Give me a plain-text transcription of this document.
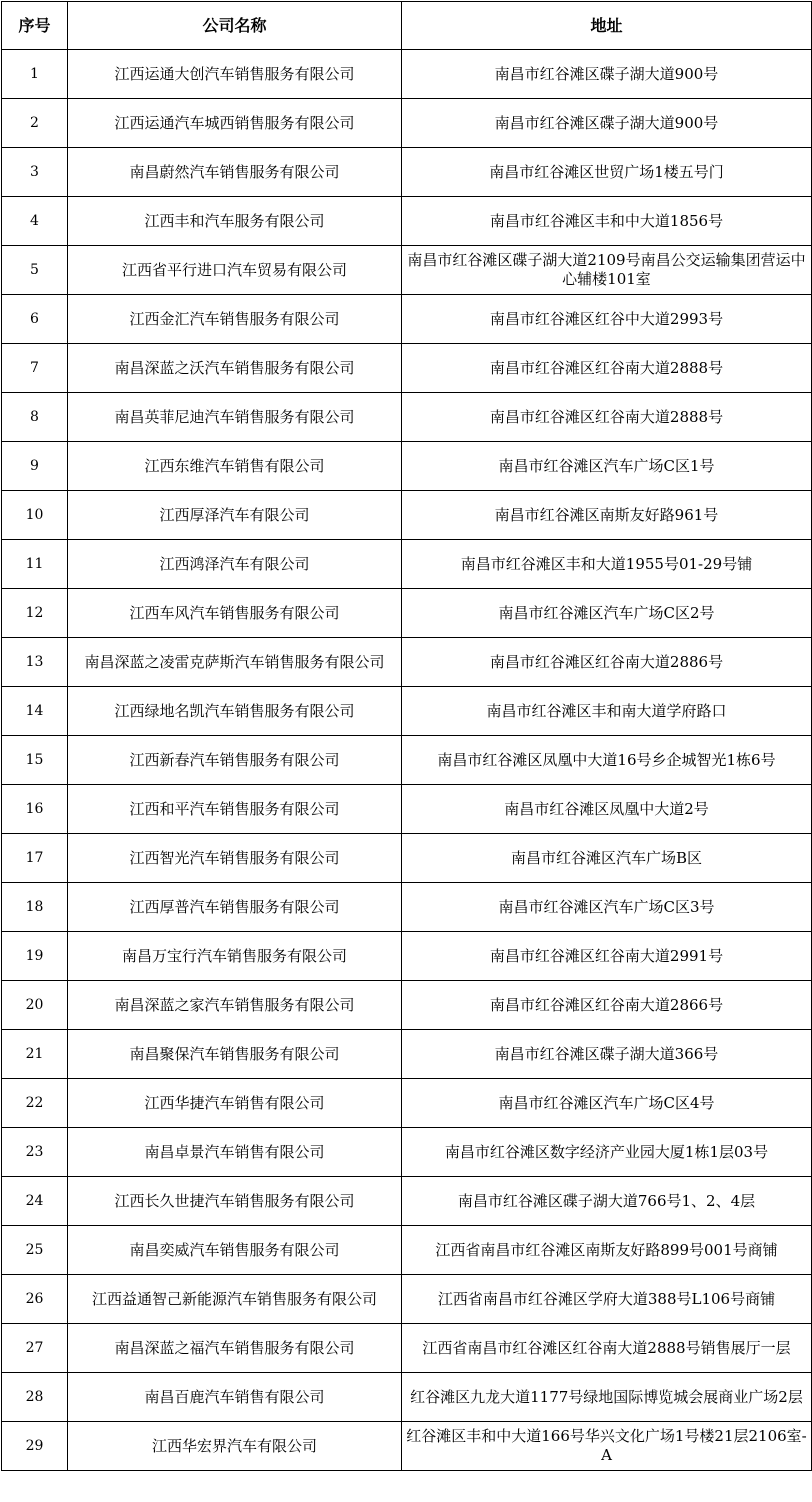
序号	公司名称	地址
1	江西运通大创汽车销售服务有限公司	南昌市红谷滩区碟子湖大道900号
2	江西运通汽车城西销售服务有限公司	南昌市红谷滩区碟子湖大道900号
3	南昌蔚然汽车销售服务有限公司	南昌市红谷滩区世贸广场1楼五号门
4	江西丰和汽车服务有限公司	南昌市红谷滩区丰和中大道1856号
5	江西省平行进口汽车贸易有限公司	南昌市红谷滩区碟子湖大道2109号南昌公交运输集团营运中心辅楼101室
6	江西金汇汽车销售服务有限公司	南昌市红谷滩区红谷中大道2993号
7	南昌深蓝之沃汽车销售服务有限公司	南昌市红谷滩区红谷南大道2888号
8	南昌英菲尼迪汽车销售服务有限公司	南昌市红谷滩区红谷南大道2888号
9	江西东维汽车销售有限公司	南昌市红谷滩区汽车广场C区1号
10	江西厚泽汽车有限公司	南昌市红谷滩区南斯友好路961号
11	江西鸿泽汽车有限公司	南昌市红谷滩区丰和大道1955号01-29号铺
12	江西车风汽车销售服务有限公司	南昌市红谷滩区汽车广场C区2号
13	南昌深蓝之凌雷克萨斯汽车销售服务有限公司	南昌市红谷滩区红谷南大道2886号
14	江西绿地名凯汽车销售服务有限公司	南昌市红谷滩区丰和南大道学府路口
15	江西新春汽车销售服务有限公司	南昌市红谷滩区凤凰中大道16号乡企城智光1栋6号
16	江西和平汽车销售服务有限公司	南昌市红谷滩区凤凰中大道2号
17	江西智光汽车销售服务有限公司	南昌市红谷滩区汽车广场B区
18	江西厚普汽车销售服务有限公司	南昌市红谷滩区汽车广场C区3号
19	南昌万宝行汽车销售服务有限公司	南昌市红谷滩区红谷南大道2991号
20	南昌深蓝之家汽车销售服务有限公司	南昌市红谷滩区红谷南大道2866号
21	南昌聚保汽车销售服务有限公司	南昌市红谷滩区碟子湖大道366号
22	江西华捷汽车销售有限公司	南昌市红谷滩区汽车广场C区4号
23	南昌卓景汽车销售有限公司	南昌市红谷滩区数字经济产业园大厦1栋1层03号
24	江西长久世捷汽车销售服务有限公司	南昌市红谷滩区碟子湖大道766号1、2、4层
25	南昌奕威汽车销售服务有限公司	江西省南昌市红谷滩区南斯友好路899号001号商铺
26	江西益通智己新能源汽车销售服务有限公司	江西省南昌市红谷滩区学府大道388号L106号商铺
27	南昌深蓝之福汽车销售服务有限公司	江西省南昌市红谷滩区红谷南大道2888号销售展厅一层
28	南昌百鹿汽车销售有限公司	红谷滩区九龙大道1177号绿地国际博览城会展商业广场2层
29	江西华宏界汽车有限公司	红谷滩区丰和中大道166号华兴文化广场1号楼21层2106室-A
